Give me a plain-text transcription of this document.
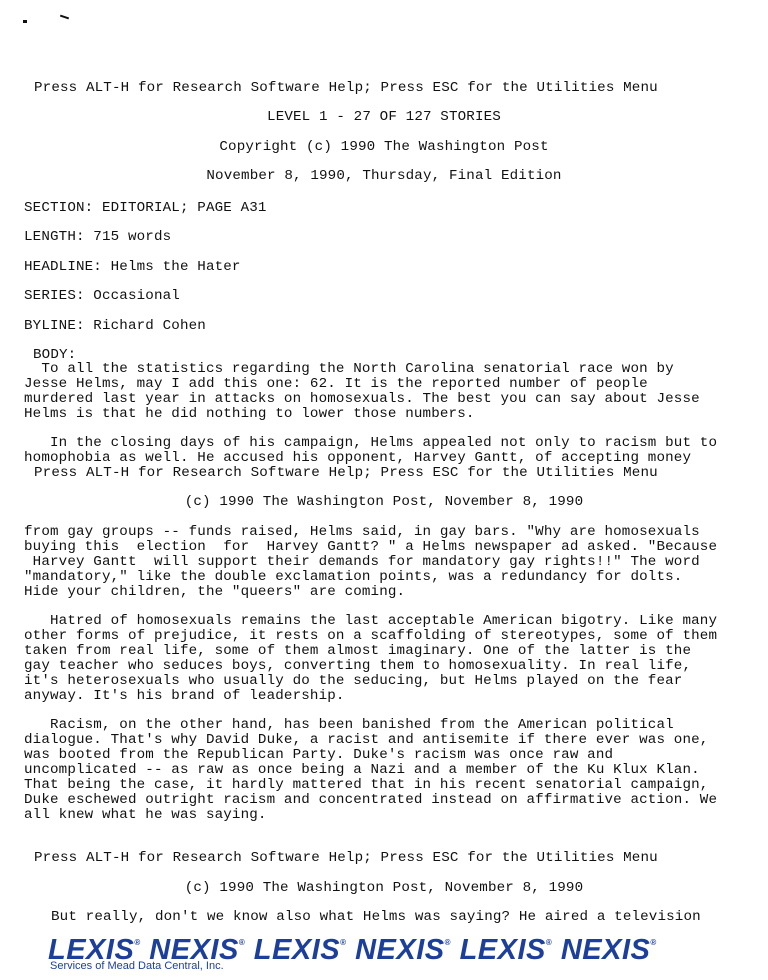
Press ALT-H for Research Software Help; Press ESC for the Utilities Menu
LEVEL 1 - 27 OF 127 STORIES
Copyright (c) 1990 The Washington Post
November 8, 1990, Thursday, Final Edition
SECTION: EDITORIAL; PAGE A31
LENGTH: 715 words
HEADLINE: Helms the Hater
SERIES: Occasional
BYLINE: Richard Cohen
BODY:
To all the statistics regarding the North Carolina senatorial race won by
Jesse Helms, may I add this one: 62. It is the reported number of people
murdered last year in attacks on homosexuals. The best you can say about Jesse
Helms is that he did nothing to lower those numbers.
In the closing days of his campaign, Helms appealed not only to racism but to
homophobia as well. He accused his opponent, Harvey Gantt, of accepting money
Press ALT-H for Research Software Help; Press ESC for the Utilities Menu
(c) 1990 The Washington Post, November 8, 1990
from gay groups -- funds raised, Helms said, in gay bars. "Why are homosexuals
buying this  election  for  Harvey Gantt? " a Helms newspaper ad asked. "Because
Harvey Gantt  will support their demands for mandatory gay rights!!" The word
"mandatory," like the double exclamation points, was a redundancy for dolts.
Hide your children, the "queers" are coming.
Hatred of homosexuals remains the last acceptable American bigotry. Like many
other forms of prejudice, it rests on a scaffolding of stereotypes, some of them
taken from real life, some of them almost imaginary. One of the latter is the
gay teacher who seduces boys, converting them to homosexuality. In real life,
it's heterosexuals who usually do the seducing, but Helms played on the fear
anyway. It's his brand of leadership.
Racism, on the other hand, has been banished from the American political
dialogue. That's why David Duke, a racist and antisemite if there ever was one,
was booted from the Republican Party. Duke's racism was once raw and
uncomplicated -- as raw as once being a Nazi and a member of the Ku Klux Klan.
That being the case, it hardly mattered that in his recent senatorial campaign,
Duke eschewed outright racism and concentrated instead on affirmative action. We
all knew what he was saying.
Press ALT-H for Research Software Help; Press ESC for the Utilities Menu
(c) 1990 The Washington Post, November 8, 1990
But really, don't we know also what Helms was saying? He aired a television
LEXIS® NEXIS® LEXIS® NEXIS® LEXIS® NEXIS®
Services of Mead Data Central, Inc.
